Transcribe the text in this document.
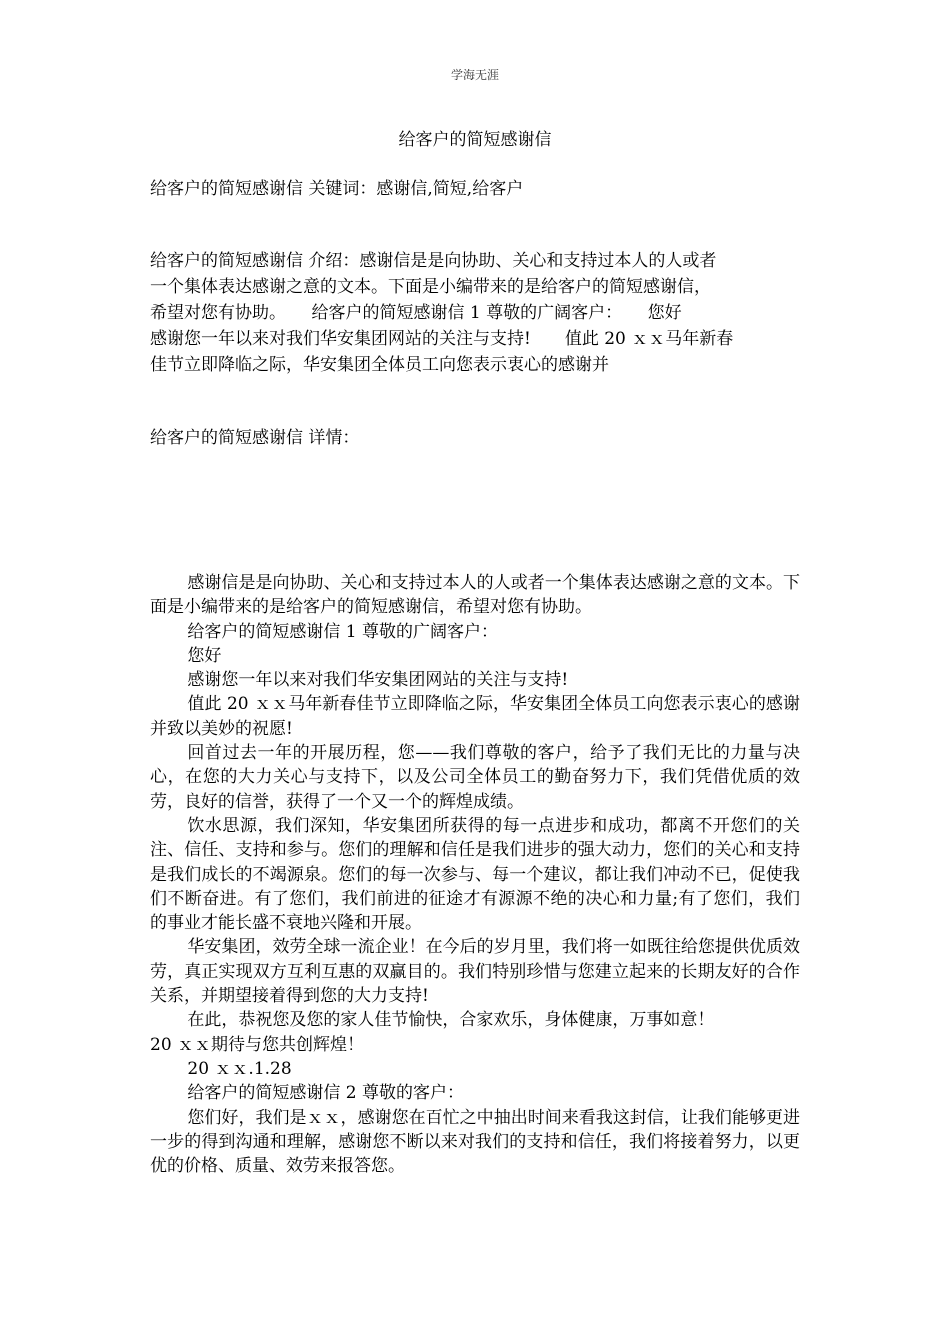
学海无涯
给客户的简短感谢信
给客户的简短感谢信 关键词：感谢信,简短,给客户

给客户的简短感谢信 介绍：感谢信是是向协助、关心和支持过本人的人或者

一个集体表达感谢之意的文本。下面是小编带来的是给客户的简短感谢信，

希望对您有协助。　　给客户的简短感谢信 1 尊敬的广阔客户：　　您好

感谢您一年以来对我们华安集团网站的关注与支持!　　值此 20 ｘｘ马年新春

佳节立即降临之际，华安集团全体员工向您表示衷心的感谢并

给客户的简短感谢信 详情：

感谢信是是向协助、关心和支持过本人的人或者一个集体表达感谢之意的文本。下面是小编带来的是给客户的简短感谢信，希望对您有协助。

给客户的简短感谢信 1 尊敬的广阔客户：

您好

感谢您一年以来对我们华安集团网站的关注与支持!

值此 20 ｘｘ马年新春佳节立即降临之际，华安集团全体员工向您表示衷心的感谢并致以美妙的祝愿!

回首过去一年的开展历程，您——我们尊敬的客户，给予了我们无比的力量与决心，在您的大力关心与支持下，以及公司全体员工的勤奋努力下，我们凭借优质的效劳，良好的信誉，获得了一个又一个的辉煌成绩。

饮水思源，我们深知，华安集团所获得的每一点进步和成功，都离不开您们的关注、信任、支持和参与。您们的理解和信任是我们进步的强大动力，您们的关心和支持是我们成长的不竭源泉。您们的每一次参与、每一个建议，都让我们冲动不已，促使我们不断奋进。有了您们，我们前进的征途才有源源不绝的决心和力量;有了您们，我们的事业才能长盛不衰地兴隆和开展。

华安集团，效劳全球一流企业！在今后的岁月里，我们将一如既往给您提供优质效劳，真正实现双方互利互惠的双赢目的。我们特别珍惜与您建立起来的长期友好的合作关系，并期望接着得到您的大力支持!

在此，恭祝您及您的家人佳节愉快，合家欢乐，身体健康，万事如意！

20 ｘｘ期待与您共创辉煌！

20 ｘｘ.1.28

给客户的简短感谢信 2 尊敬的客户：

您们好，我们是ｘｘ，感谢您在百忙之中抽出时间来看我这封信，让我们能够更进一步的得到沟通和理解，感谢您不断以来对我们的支持和信任，我们将接着努力，以更优的价格、质量、效劳来报答您。
